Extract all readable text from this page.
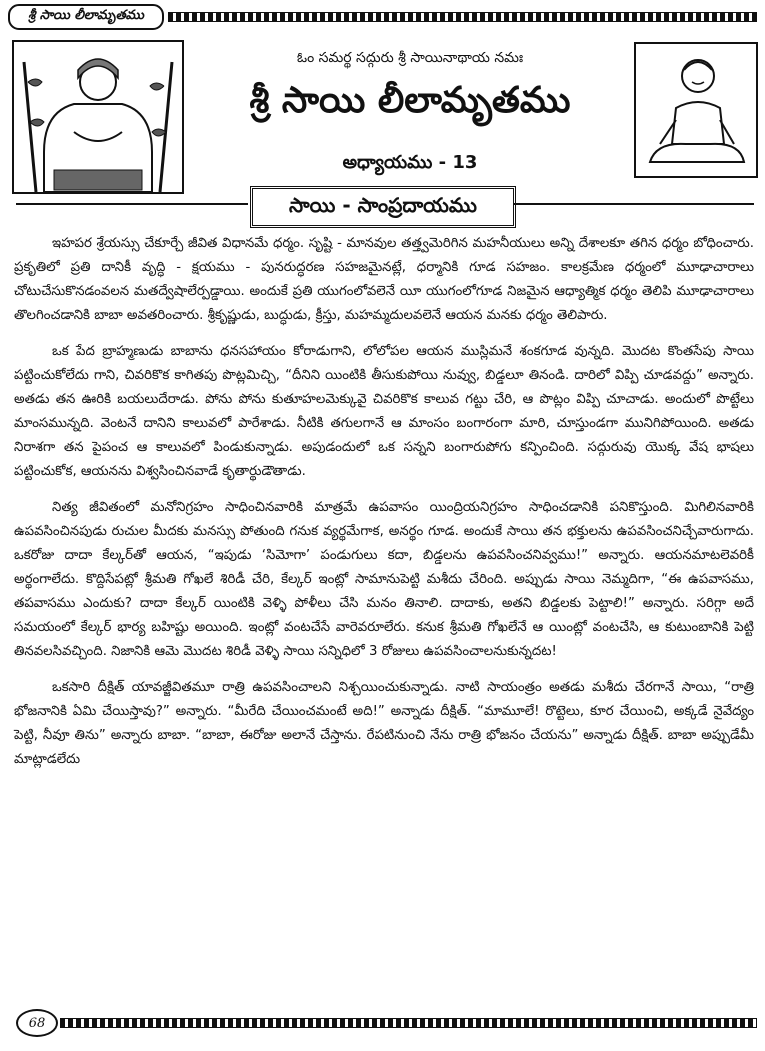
శ్రీ సాయి లీలామృతము
ఓం సమర్థ సద్గురు శ్రీ సాయినాథాయ నమః
శ్రీ సాయి లీలామృతము
అధ్యాయము - 13
సాయి - సాంప్రదాయము

ఇహపర శ్రేయస్సు చేకూర్చే జీవిత విధానమే ధర్మం. సృష్టి - మానవుల తత్త్వమెరిగిన మహనీయులు అన్ని దేశాలకూ తగిన ధర్మం బోధించారు. ప్రకృతిలో ప్రతి దానికీ వృద్ధి - క్షయము - పునరుద్ధరణ సహజమైనట్లే, ధర్మానికి గూడ సహజం. కాలక్రమేణ ధర్మంలో మూఢాచారాలు చోటుచేసుకొనడంవలన మతద్వేషాలేర్పడ్డాయి. అందుకే ప్రతి యుగంలోవలెనే యీ యుగంలోగూడ నిజమైన ఆధ్యాత్మిక ధర్మం తెలిపి మూఢాచారాలు తొలగించడానికి బాబా అవతరించారు. శ్రీకృష్ణుడు, బుద్ధుడు, క్రీస్తు, మహమ్మదులవలెనే ఆయన మనకు ధర్మం తెలిపారు.

ఒక పేద బ్రాహ్మణుడు బాబాను ధనసహాయం కోరాడుగాని, లోలోపల ఆయన ముస్లిమనే శంకగూడ వున్నది. మొదట కొంతసేపు సాయి పట్టించుకోలేదు గాని, చివరికొక కాగితపు పొట్లమిచ్చి, “దీనిని యింటికి తీసుకుపోయి నువ్వు, బిడ్డలూ తినండి. దారిలో విప్పి చూడవద్దు” అన్నారు. అతడు తన ఊరికి బయలుదేరాడు. పోను పోను కుతూహలమెక్కువై చివరికొక కాలువ గట్టు చేరి, ఆ పొట్లం విప్పి చూచాడు. అందులో పొట్టేలు మాంసమున్నది. వెంటనే దానిని కాలువలో పారేశాడు. నీటికి తగులగానే ఆ మాంసం బంగారంగా మారి, చూస్తుండగా మునిగిపోయింది. అతడు నిరాశగా తన పైపంచ ఆ కాలువలో పిండుకున్నాడు. అపుడందులో ఒక సన్నని బంగారుపోగు కన్పించింది. సద్గురువు యొక్క వేష భాషలు పట్టించుకోక, ఆయనను విశ్వసించినవాడే కృతార్థుడౌతాడు.

నిత్య జీవితంలో మనోనిగ్రహం సాధించినవారికి మాత్రమే ఉపవాసం యింద్రియనిగ్రహం సాధించడానికి పనికొస్తుంది. మిగిలినవారికి ఉపవసించినపుడు రుచుల మీదకు మనస్సు పోతుంది గనుక వ్యర్థమేగాక, అనర్థం గూడ. అందుకే సాయి తన భక్తులను ఉపవసించనిచ్చేవారుగాదు. ఒకరోజు దాదా కేల్కర్‌తో ఆయన, “ఇపుడు ‘సిమోగా’ పండుగులు కదా, బిడ్డలను ఉపవసించనివ్వము!” అన్నారు. ఆయనమాటలెవరికీ అర్థంగాలేదు. కొద్దిసేపట్లో శ్రీమతి గోఖలే శిరిడీ చేరి, కేల్కర్ ఇంట్లో సామానుపెట్టి మశీదు చేరింది. అప్పుడు సాయి నెమ్మదిగా, “ఈ ఉపవాసము, తపవాసము ఎందుకు? దాదా కేల్కర్ యింటికి వెళ్ళి పోళీలు చేసి మనం తినాలి. దాదాకు, అతని బిడ్డలకు పెట్టాలి!” అన్నారు. సరిగ్గా అదే సమయంలో కేల్కర్ భార్య బహిష్టు అయింది. ఇంట్లో వంటచేసే వారెవరూలేరు. కనుక శ్రీమతి గోఖలేనే ఆ యింట్లో వంటచేసి, ఆ కుటుంబానికి పెట్టి తినవలసివచ్చింది. నిజానికి ఆమె మొదట శిరిడీ వెళ్ళి సాయి సన్నిధిలో 3 రోజులు ఉపవసించాలనుకున్నదట!

ఒకసారి దీక్షిత్ యావజ్జీవితమూ రాత్రి ఉపవసించాలని నిశ్చయించుకున్నాడు. నాటి సాయంత్రం అతడు మశీదు చేరగానే సాయి, “రాత్రి భోజనానికి ఏమి చేయిస్తావు?” అన్నారు. “మీరేది చేయించమంటే అది!” అన్నాడు దీక్షిత్. “మామూలే! రొట్టెలు, కూర చేయించి, అక్కడే నైవేద్యం పెట్టి, నీవూ తిను” అన్నారు బాబా. “బాబా, ఈరోజు అలానే చేస్తాను. రేపటినుంచి నేను రాత్రి భోజనం చేయను” అన్నాడు దీక్షిత్. బాబా అప్పుడేమీ మాట్లాడలేదు

68
